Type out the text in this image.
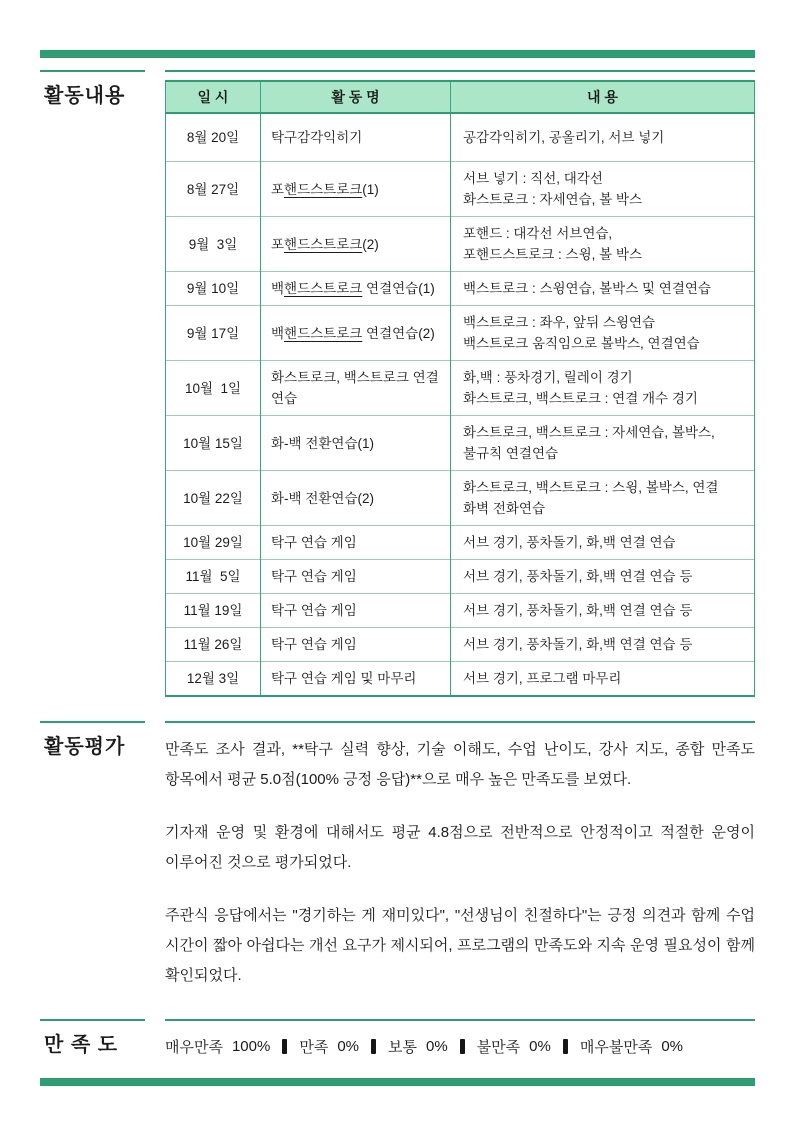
활동내용	일 시	활 동 명	내 용
8월 20일	탁구감각익히기	공감각익히기, 공올리기, 서브 넣기

8월 27일	포핸드스트로크(1)	서브 넣기 : 직선, 대각선
화스트로크 : 자세연습, 볼 박스

9월  3일	포핸드스트로크(2)	포핸드 : 대각선 서브연습,
포핸드스트로크 : 스윙, 볼 박스

9월 10일	백핸드스트로크 연결연습(1)	백스트로크 : 스윙연습, 볼박스 및 연결연습

9월 17일	백핸드스트로크 연결연습(2)	백스트로크 : 좌우, 앞뒤 스윙연습
백스트로크 움직임으로 볼박스, 연결연습

10월  1일	화스트로크, 백스트로크 연결연습	화,백 : 풍차경기, 릴레이 경기
화스트로크, 백스트로크 : 연결 개수 경기

10월 15일	화-백 전환연습(1)	화스트로크, 백스트로크 : 자세연습, 볼박스,
불규칙 연결연습

10월 22일	화-백 전환연습(2)	화스트로크, 백스트로크 : 스윙, 볼박스, 연결
화벽 전화연습

10월 29일	탁구 연습 게임	서브 경기, 풍차돌기, 화,백 연결 연습

11월  5일	탁구 연습 게임	서브 경기, 풍차돌기, 화,백 연결 연습 등

11월 19일	탁구 연습 게임	서브 경기, 풍차돌기, 화,백 연결 연습 등

11월 26일	탁구 연습 게임	서브 경기, 풍차돌기, 화,백 연결 연습 등

12월 3일	탁구 연습 게임 및 마무리	서브 경기, 프로그램 마무리
활동평가	만족도 조사 결과, **탁구 실력 향상, 기술 이해도, 수업 난이도, 강사 지도, 종합 만족도 항목에서 평균 5.0점(100% 긍정 응답)**으로 매우 높은 만족도를 보였다.

기자재 운영 및 환경에 대해서도 평균 4.8점으로 전반적으로 안정적이고 적절한 운영이 이루어진 것으로 평가되었다.

주관식 응답에서는 "경기하는 게 재미있다", "선생님이 친절하다"는 긍정 의견과 함께 수업 시간이 짧아 아쉽다는 개선 요구가 제시되어, 프로그램의 만족도와 지속 운영 필요성이 함께 확인되었다.

만 족 도	매우만족 100% 만족 0% 보통 0% 불만족 0% 매우불만족 0%
